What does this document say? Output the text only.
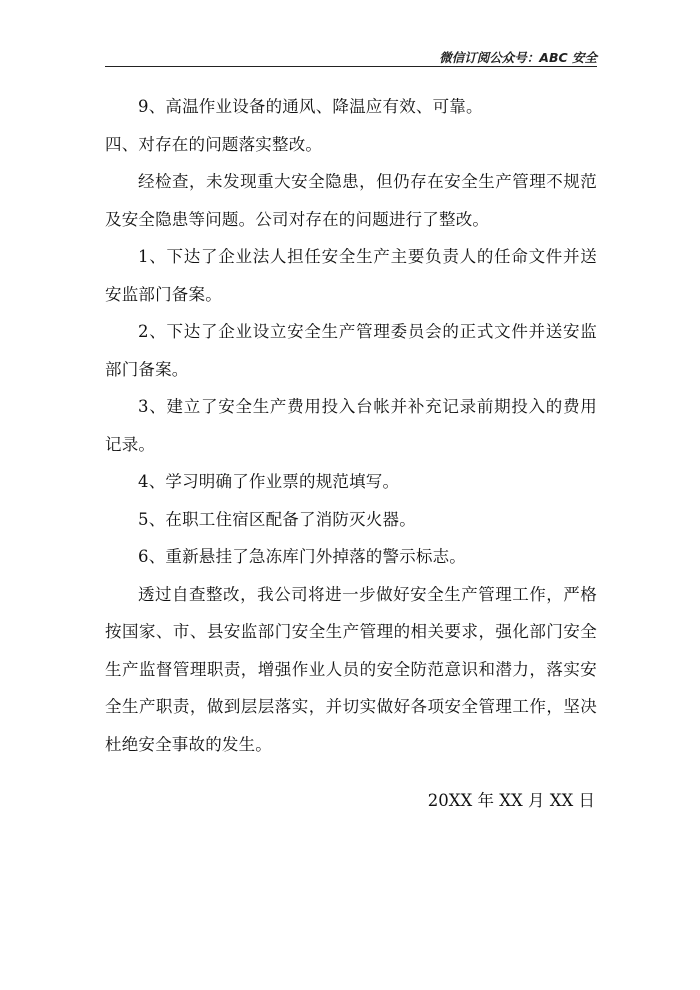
微信订阅公众号：ABC 安全

9、高温作业设备的通风、降温应有效、可靠。

四、对存在的问题落实整改。

经检查，未发现重大安全隐患，但仍存在安全生产管理不规范及安全隐患等问题。公司对存在的问题进行了整改。

1、下达了企业法人担任安全生产主要负责人的任命文件并送安监部门备案。

2、下达了企业设立安全生产管理委员会的正式文件并送安监部门备案。

3、建立了安全生产费用投入台帐并补充记录前期投入的费用记录。

4、学习明确了作业票的规范填写。

5、在职工住宿区配备了消防灭火器。

6、重新悬挂了急冻库门外掉落的警示标志。

透过自查整改，我公司将进一步做好安全生产管理工作，严格按国家、市、县安监部门安全生产管理的相关要求，强化部门安全生产监督管理职责，增强作业人员的安全防范意识和潜力，落实安全生产职责，做到层层落实，并切实做好各项安全管理工作，坚决杜绝安全事故的发生。

20XX 年 XX 月 XX 日
